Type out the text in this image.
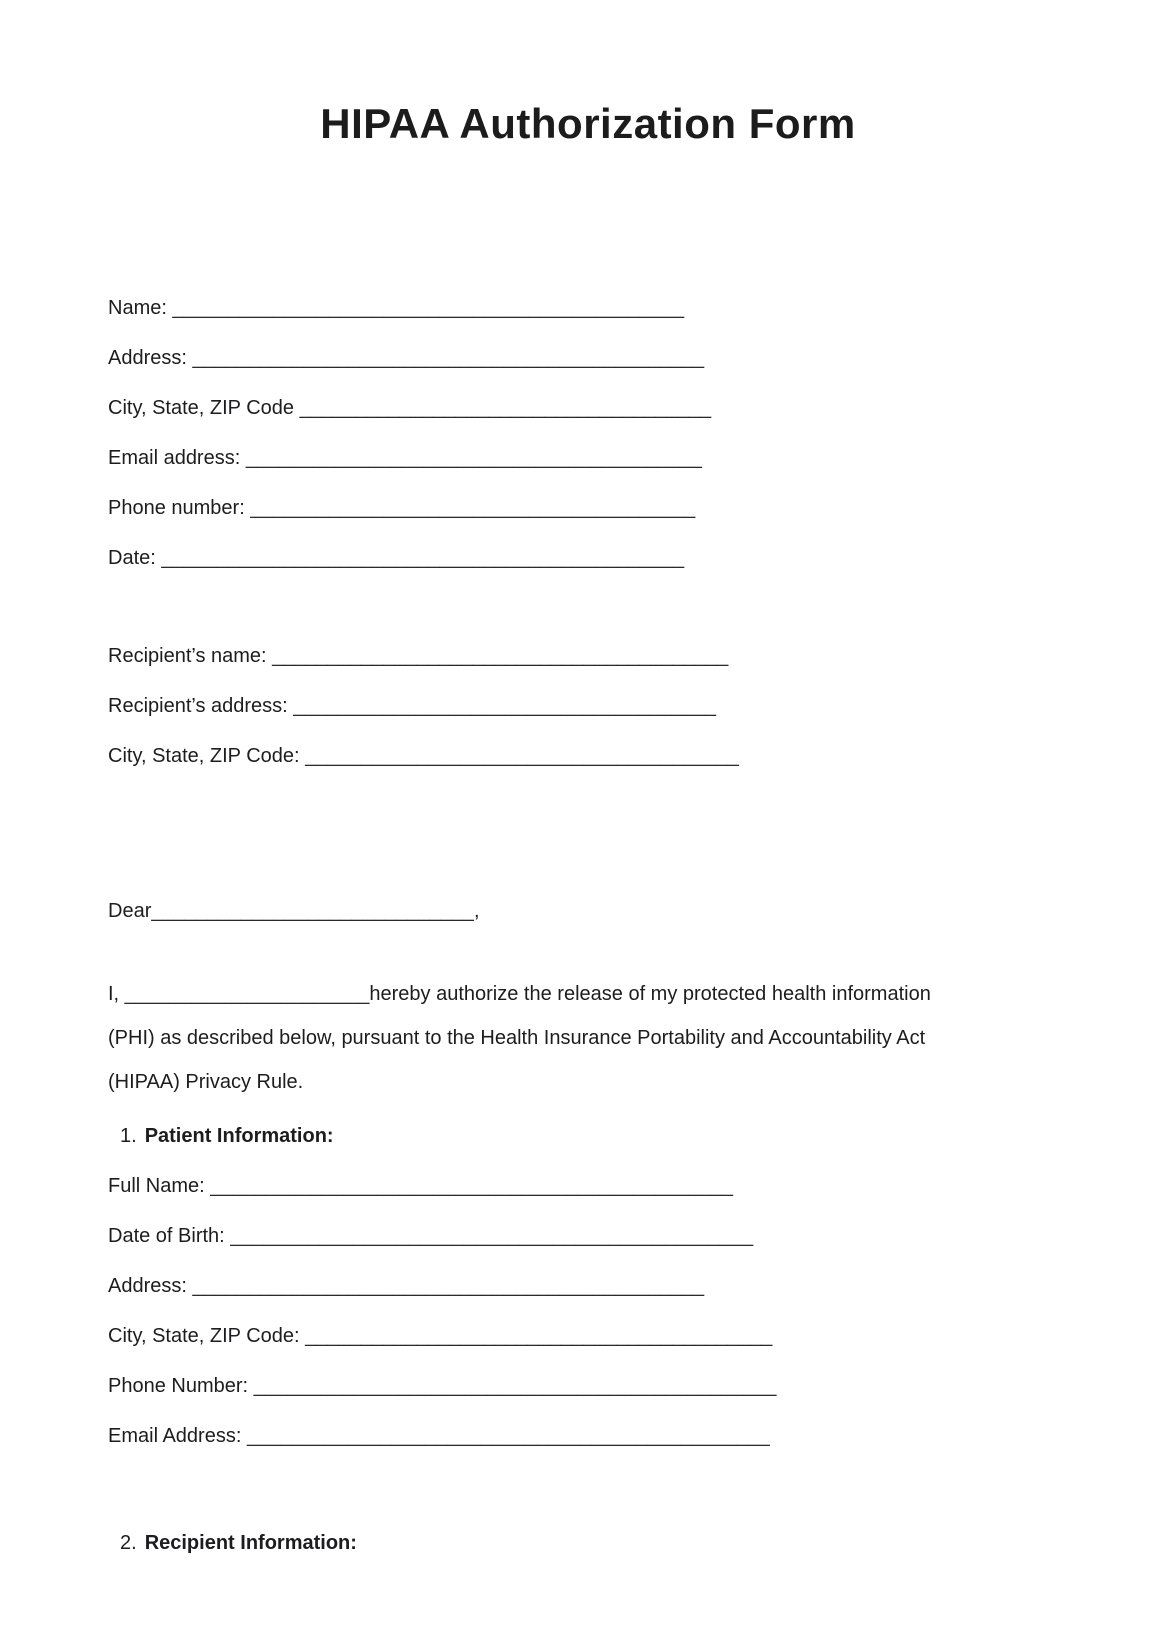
HIPAA Authorization Form
Name: ______________________________________________
Address: ______________________________________________
City, State, ZIP Code _____________________________________
Email address: _________________________________________
Phone number: ________________________________________
Date: _______________________________________________
Recipient’s name: _________________________________________
Recipient’s address: ______________________________________
City, State, ZIP Code: _______________________________________
Dear_____________________________,

I, ______________________hereby authorize the release of my protected health information (PHI) as described below, pursuant to the Health Insurance Portability and Accountability Act (HIPAA) Privacy Rule.

1. Patient Information:
Full Name: _______________________________________________
Date of Birth: _______________________________________________
Address: ______________________________________________
City, State, ZIP Code: __________________________________________
Phone Number: _______________________________________________
Email Address: _______________________________________________
2. Recipient Information:
